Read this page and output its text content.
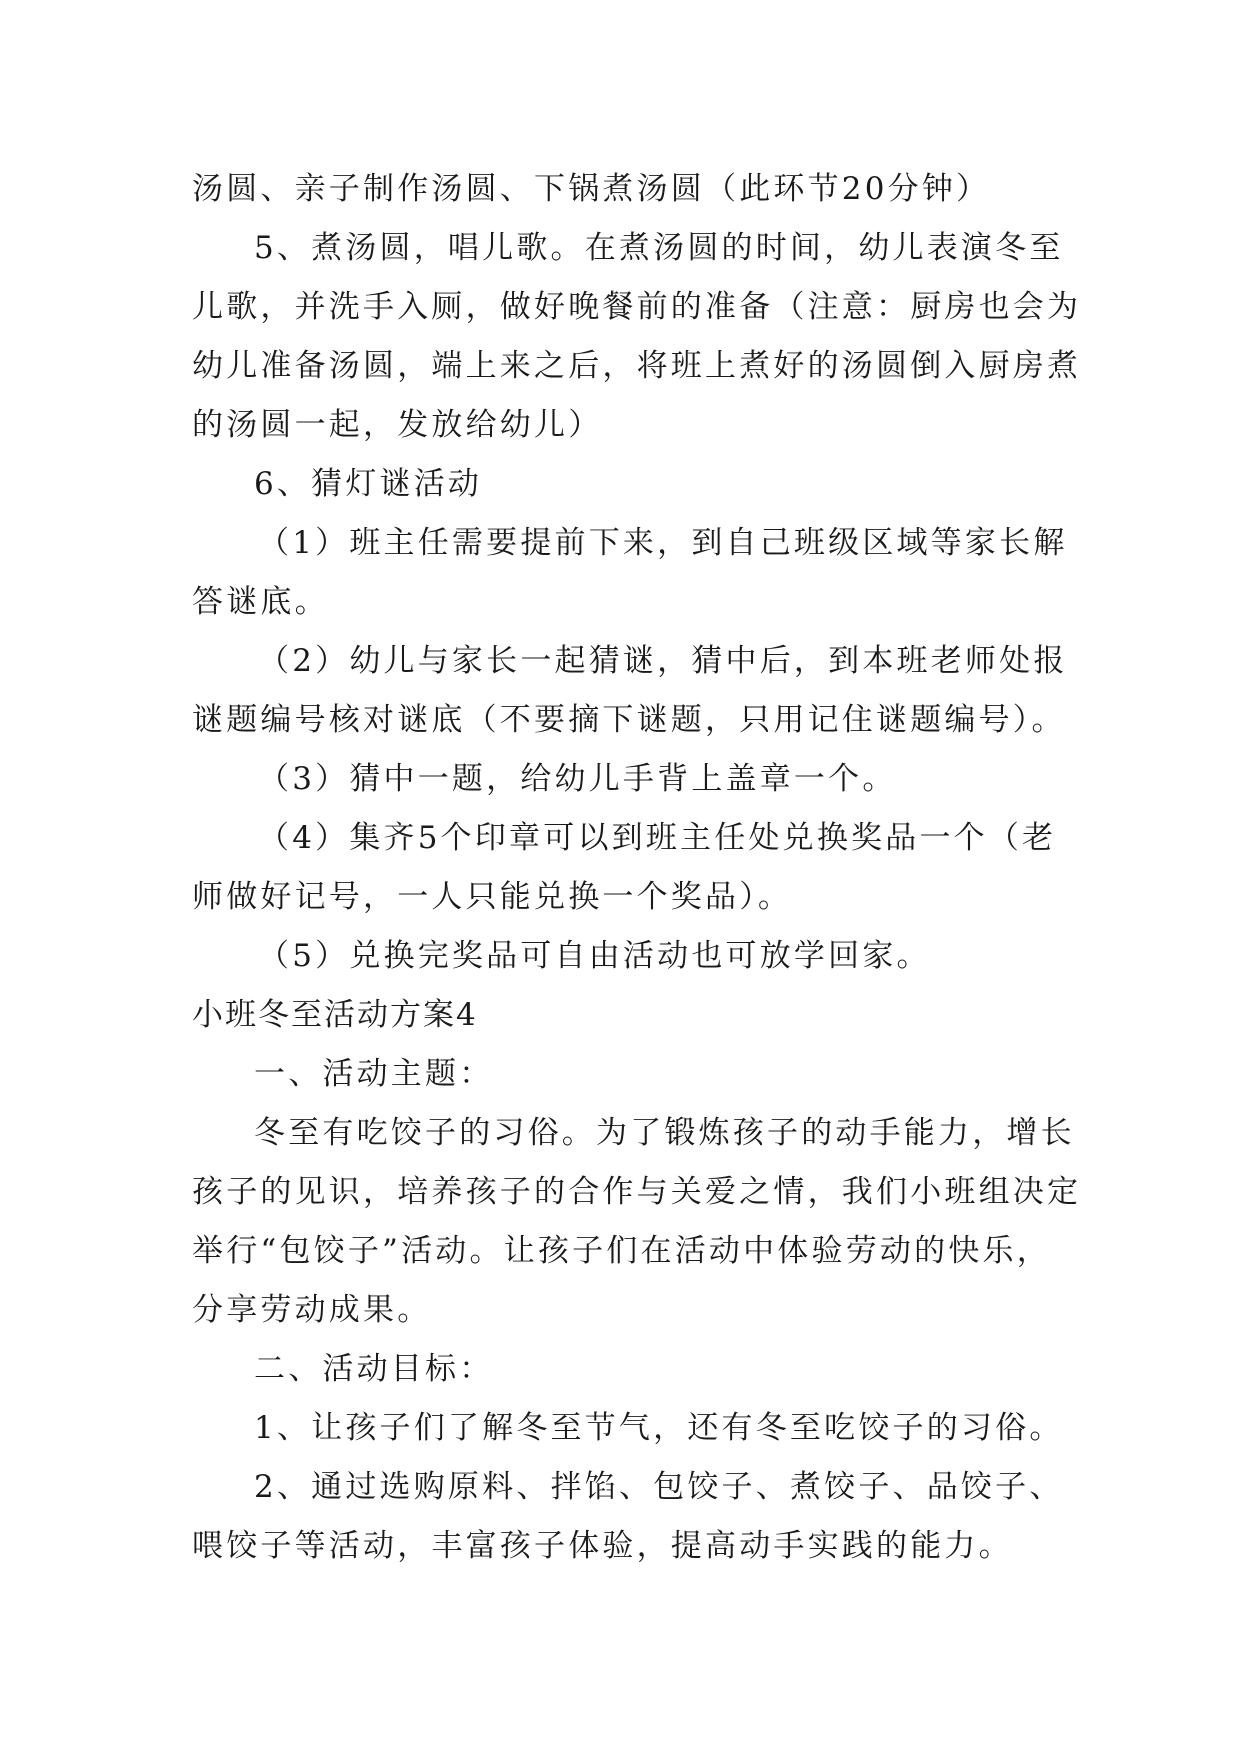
汤圆、亲子制作汤圆、下锅煮汤圆（此环节20分钟）
5、煮汤圆，唱儿歌。在煮汤圆的时间，幼儿表演冬至
儿歌，并洗手入厕，做好晚餐前的准备（注意：厨房也会为
幼儿准备汤圆，端上来之后，将班上煮好的汤圆倒入厨房煮
的汤圆一起，发放给幼儿）
6、猜灯谜活动
（1）班主任需要提前下来，到自己班级区域等家长解
答谜底。
（2）幼儿与家长一起猜谜，猜中后，到本班老师处报
谜题编号核对谜底（不要摘下谜题，只用记住谜题编号）。
（3）猜中一题，给幼儿手背上盖章一个。
（4）集齐5个印章可以到班主任处兑换奖品一个（老
师做好记号，一人只能兑换一个奖品）。
（5）兑换完奖品可自由活动也可放学回家。
小班冬至活动方案4
一、活动主题：
冬至有吃饺子的习俗。为了锻炼孩子的动手能力，增长
孩子的见识，培养孩子的合作与关爱之情，我们小班组决定
举行“包饺子”活动。让孩子们在活动中体验劳动的快乐，
分享劳动成果。
二、活动目标：
1、让孩子们了解冬至节气，还有冬至吃饺子的习俗。
2、通过选购原料、拌馅、包饺子、煮饺子、品饺子、
喂饺子等活动，丰富孩子体验，提高动手实践的能力。
